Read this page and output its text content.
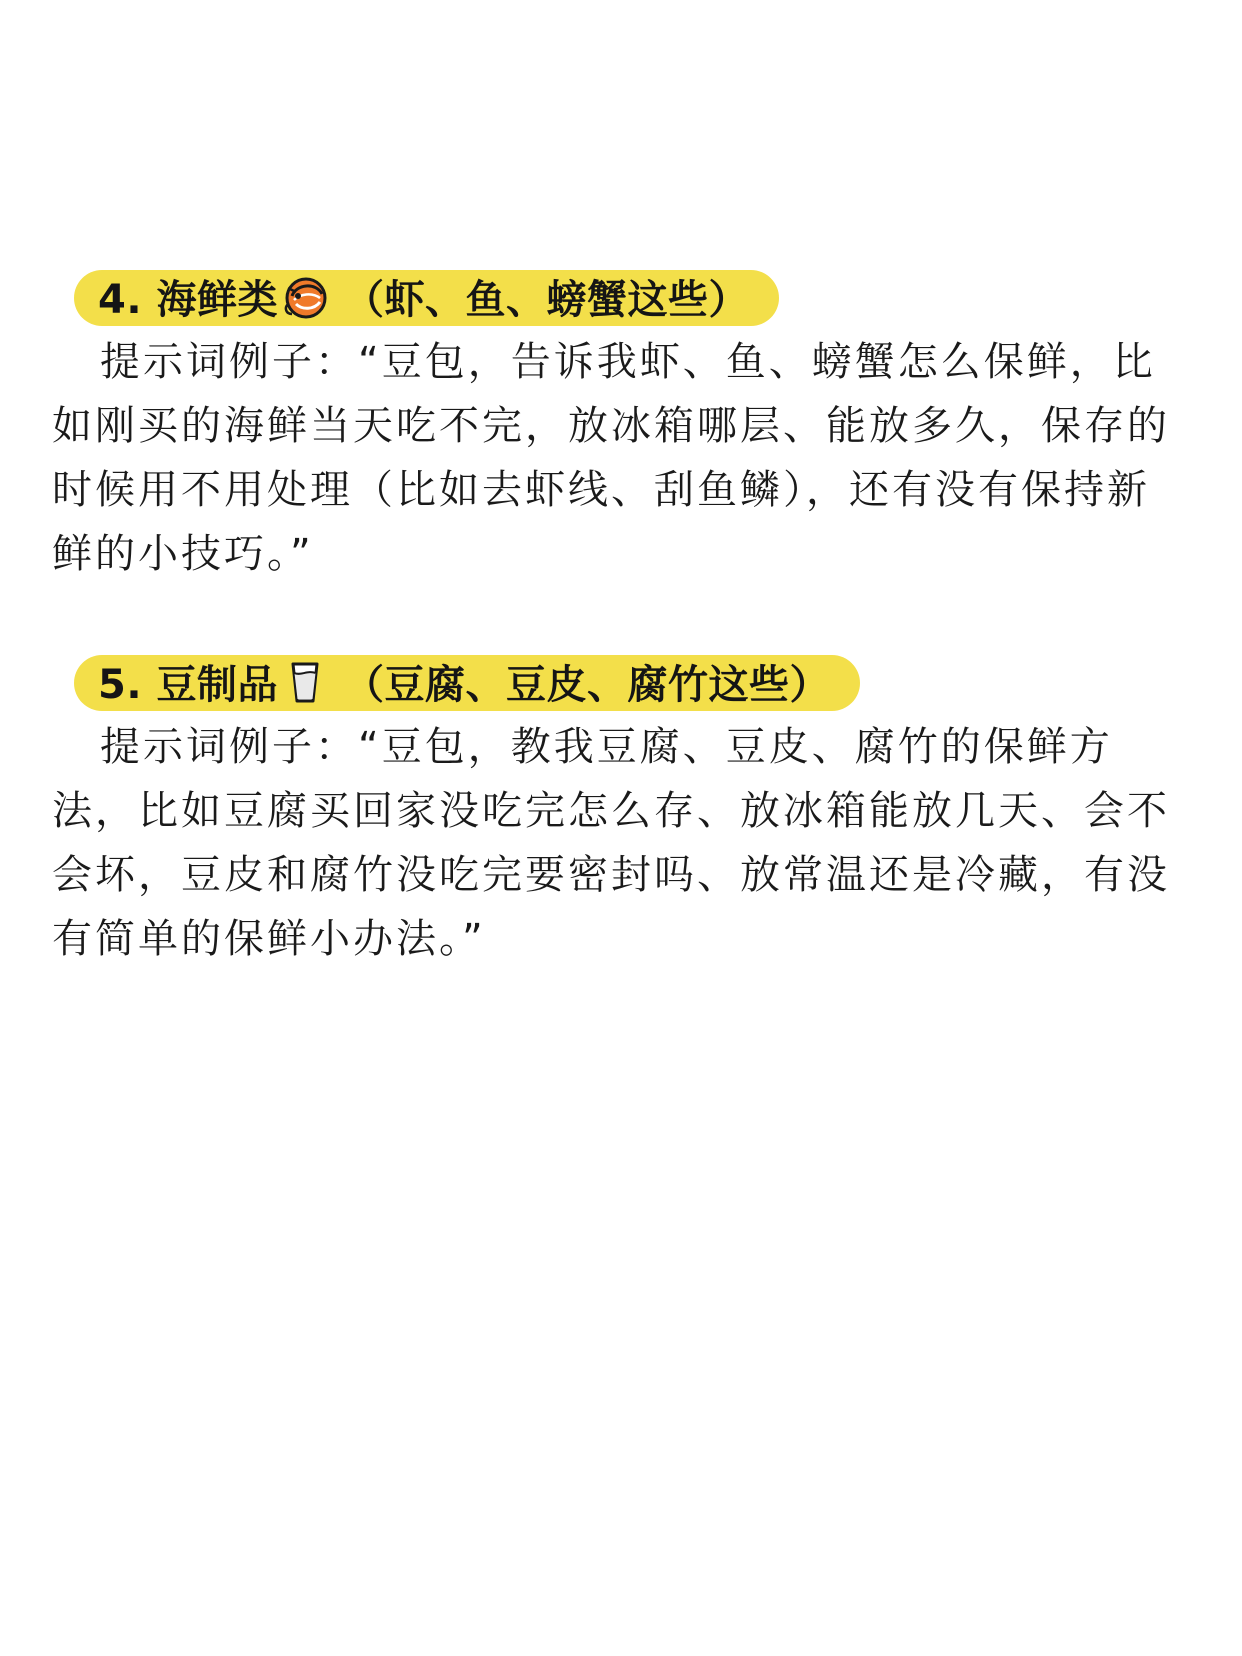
4. 海鲜类 （虾、鱼、螃蟹这些）
提示词例子：“豆包，告诉我虾、鱼、螃蟹怎么保鲜，比如刚买的海鲜当天吃不完，放冰箱哪层、能放多久，保存的时候用不用处理（比如去虾线、刮鱼鳞），还有没有保持新鲜的小技巧。”
5. 豆制品 （豆腐、豆皮、腐竹这些）
提示词例子：“豆包，教我豆腐、豆皮、腐竹的保鲜方法，比如豆腐买回家没吃完怎么存、放冰箱能放几天、会不会坏，豆皮和腐竹没吃完要密封吗、放常温还是冷藏，有没有简单的保鲜小办法。”
